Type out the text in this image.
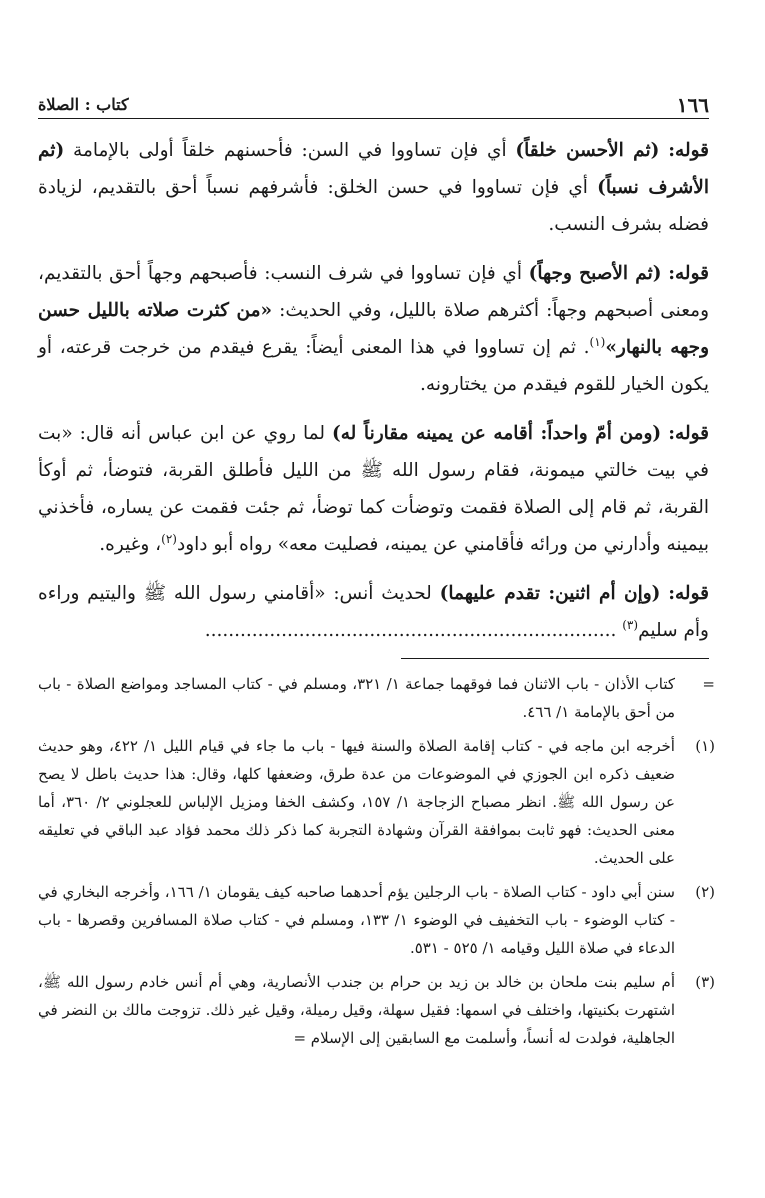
١٦٦
كتاب : الصلاة

قوله: (ثم الأحسن خلقاً) أي فإن تساووا في السن: فأحسنهم خلقاً أولى بالإمامة (ثم الأشرف نسباً) أي فإن تساووا في حسن الخلق: فأشرفهم نسباً أحق بالتقديم، لزيادة فضله بشرف النسب.

قوله: (ثم الأصبح وجهاً) أي فإن تساووا في شرف النسب: فأصبحهم وجهاً أحق بالتقديم، ومعنى أصبحهم وجهاً: أكثرهم صلاة بالليل، وفي الحديث: «من كثرت صلاته بالليل حسن وجهه بالنهار»$^{(١)}$. ثم إن تساووا في هذا المعنى أيضاً: يقرع فيقدم من خرجت قرعته، أو يكون الخيار للقوم فيقدم من يختارونه.

قوله: (ومن أمّ واحداً: أقامه عن يمينه مقارناً له) لما روي عن ابن عباس أنه قال: «بت في بيت خالتي ميمونة، فقام رسول الله ﷺ من الليل فأطلق القربة، فتوضأ، ثم أوكأ القربة، ثم قام إلى الصلاة فقمت وتوضأت كما توضأ، ثم جئت فقمت عن يساره، فأخذني بيمينه وأدارني من ورائه فأقامني عن يمينه، فصليت معه» رواه أبو داود$^{(٢)}$، وغيره.

قوله: (وإن أم اثنين: تقدم عليهما) لحديث أنس: «أقامني رسول الله ﷺ واليتيم وراءه وأم سليم$^{(٣)}$ ......................................................................

=
كتاب الأذان - باب الاثنان فما فوقهما جماعة ١/ ٣٢١، ومسلم في - كتاب المساجد ومواضع الصلاة - باب من أحق بالإمامة ١/ ٤٦٦.
(١)
أخرجه ابن ماجه في - كتاب إقامة الصلاة والسنة فيها - باب ما جاء في قيام الليل ١/ ٤٢٢، وهو حديث ضعيف ذكره ابن الجوزي في الموضوعات من عدة طرق، وضعفها كلها، وقال: هذا حديث باطل لا يصح عن رسول الله ﷺ. انظر مصباح الزجاجة ١/ ١٥٧، وكشف الخفا ومزيل الإلباس للعجلوني ٢/ ٣٦٠، أما معنى الحديث: فهو ثابت بموافقة القرآن وشهادة التجربة كما ذكر ذلك محمد فؤاد عبد الباقي في تعليقه على الحديث.
(٢)
سنن أبي داود - كتاب الصلاة - باب الرجلين يؤم أحدهما صاحبه كيف يقومان ١/ ١٦٦، وأخرجه البخاري في - كتاب الوضوء - باب التخفيف في الوضوء ١/ ١٣٣، ومسلم في - كتاب صلاة المسافرين وقصرها - باب الدعاء في صلاة الليل وقيامه ١/ ٥٢٥ - ٥٣١.
(٣)
أم سليم بنت ملحان بن خالد بن زيد بن حرام بن جندب الأنصارية، وهي أم أنس خادم رسول الله ﷺ، اشتهرت بكنيتها، واختلف في اسمها: فقيل سهلة، وقيل رميلة، وقيل غير ذلك. تزوجت مالك بن النضر في الجاهلية، فولدت له أنساً، وأسلمت مع السابقين إلى الإسلام =
